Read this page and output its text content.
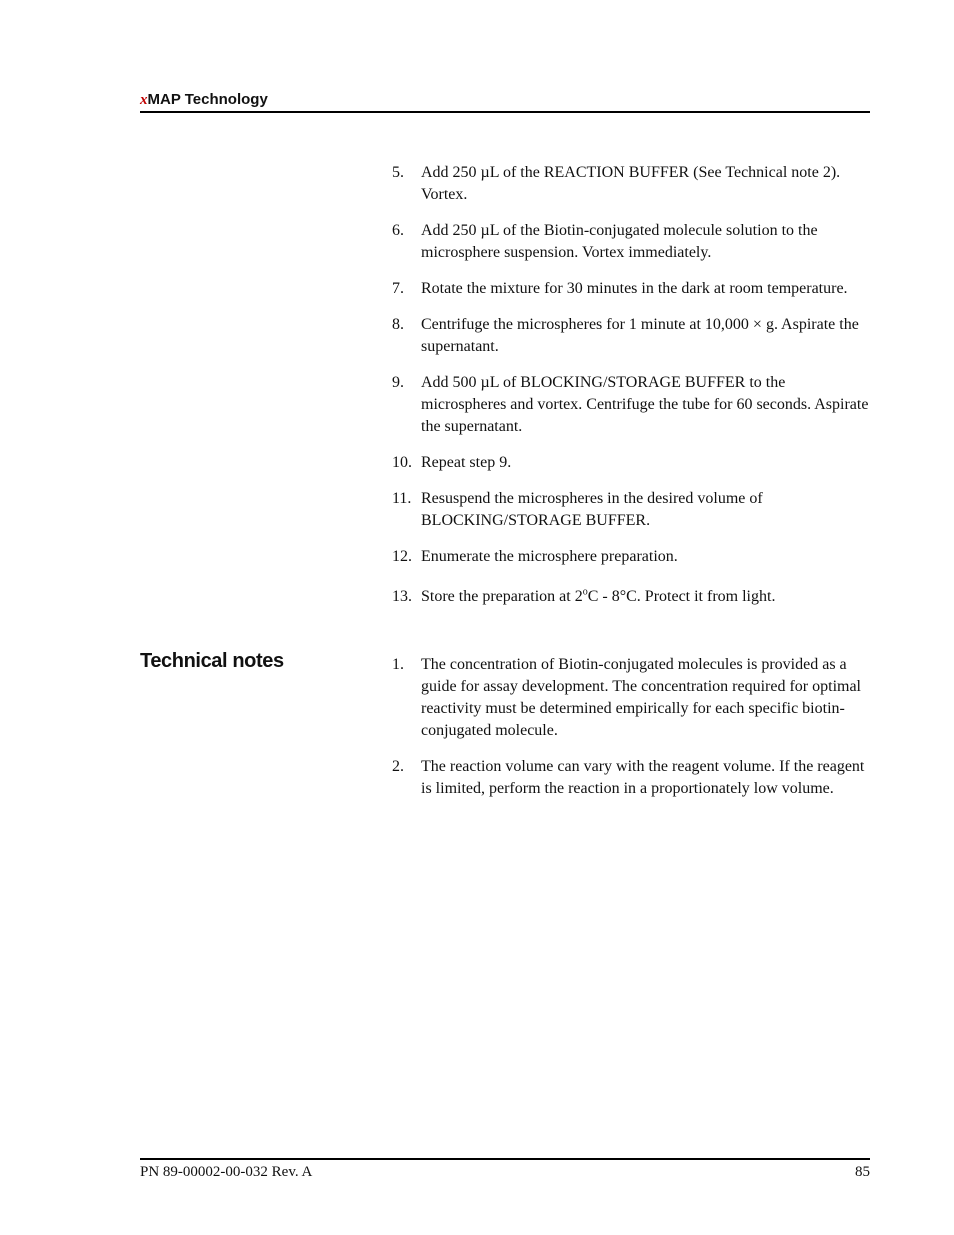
xMAP Technology
5.	Add 250 µL of the REACTION BUFFER (See Technical note 2). Vortex.
6.	Add 250 µL of the Biotin-conjugated molecule solution to the microsphere suspension. Vortex immediately.
7.	Rotate the mixture for 30 minutes in the dark at room temperature.
8.	Centrifuge the microspheres for 1 minute at 10,000 × g. Aspirate the supernatant.
9.	Add 500 µL of BLOCKING/STORAGE BUFFER to the microspheres and vortex. Centrifuge the tube for 60 seconds. Aspirate the supernatant.
10. Repeat step 9.
11. Resuspend the microspheres in the desired volume of BLOCKING/STORAGE BUFFER.
12. Enumerate the microsphere preparation.
13. Store the preparation at 2$^o$C - 8°C. Protect it from light.
Technical notes	1.	The concentration of Biotin-conjugated molecules is provided as a guide for assay development. The concentration required for optimal reactivity must be determined empirically for each specific biotin-conjugated molecule.
2.	The reaction volume can vary with the reagent volume. If the reagent is limited, perform the reaction in a proportionately low volume.
PN 89-00002-00-032 Rev. A	85
